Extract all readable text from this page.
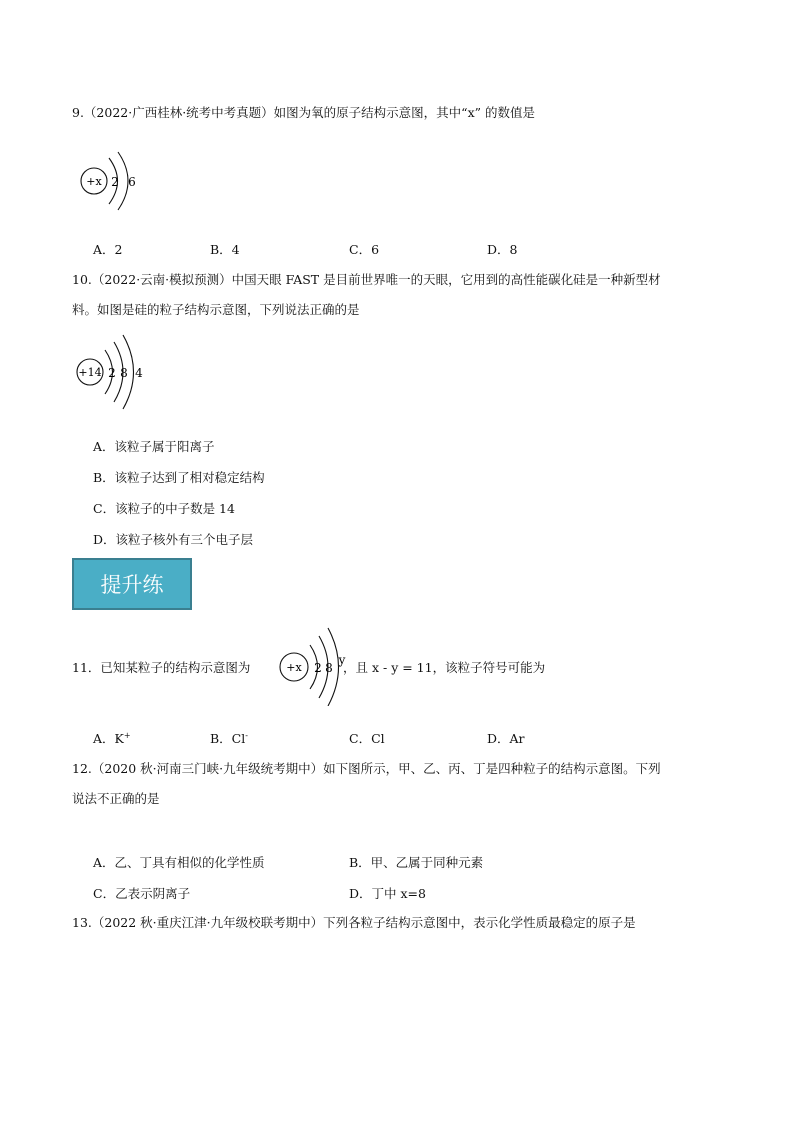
9.（2022·广西桂林·统考中考真题）如图为氧的原子结构示意图，其中“x” 的数值是
+x 2 6
A．2	B．4	C．6	D．8
10.（2022·云南·模拟预测）中国天眼 FAST 是目前世界唯一的天眼，它用到的高性能碳化硅是一种新型材
料。如图是硅的粒子结构示意图，下列说法正确的是
+14 2 8 4
A．该粒子属于阳离子
B．该粒子达到了相对稳定结构
C．该粒子的中子数是 14
D．该粒子核外有三个电子层
提升练
11．已知某粒子的结构示意图为	+x 2 8
y
，且 x - y = 11，该粒子符号可能为
A．K+	B．Cl-	C．Cl	D．Ar
12.（2020 秋·河南三门峡·九年级统考期中）如下图所示，甲、乙、丙、丁是四种粒子的结构示意图。下列
说法不正确的是
A．乙、丁具有相似的化学性质	B．甲、乙属于同种元素
C．乙表示阴离子	D．丁中 x=8
13.（2022 秋·重庆江津·九年级校联考期中）下列各粒子结构示意图中，表示化学性质最稳定的原子是
